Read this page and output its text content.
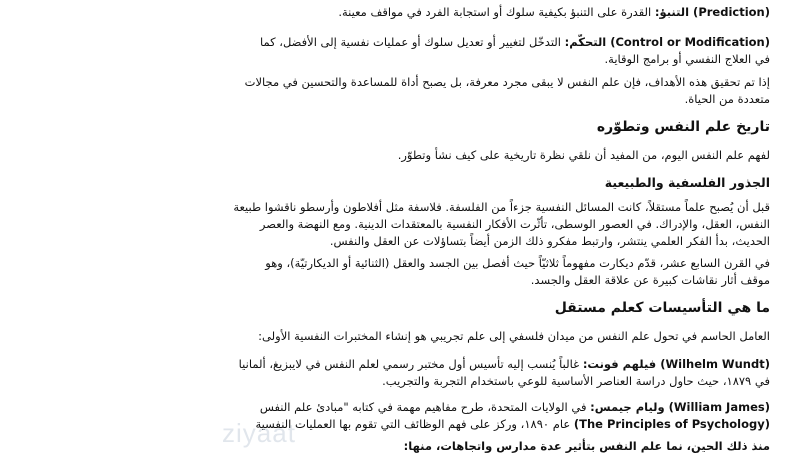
(Prediction) التنبؤ: القدرة على التنبؤ بكيفية سلوك أو استجابة الفرد في مواقف معينة.

(Control or Modification) التحكّم: التدخّل لتغيير أو تعديل سلوك أو عمليات نفسية إلى الأفضل، كما
في العلاج النفسي أو برامج الوقاية.

إذا تم تحقيق هذه الأهداف، فإن علم النفس لا يبقى مجرد معرفة، بل يصبح أداة للمساعدة والتحسين في مجالات
متعددة من الحياة.

تاريخ علم النفس وتطوّره

لفهم علم النفس اليوم، من المفيد أن نلقي نظرة تاريخية على كيف نشأ وتطوّر.

الجذور الفلسفية والطبيعية

قبل أن يُصبح علماً مستقلاً، كانت المسائل النفسية جزءاً من الفلسفة. فلاسفة مثل أفلاطون وأرسطو ناقشوا طبيعة
النفس، العقل، والإدراك. في العصور الوسطى، تأثّرت الأفكار النفسية بالمعتقدات الدينية. ومع النهضة والعصر
الحديث، بدأ الفكر العلمي ينتشر، وارتبط مفكرو ذلك الزمن أيضاً بتساؤلات عن العقل والنفس.

في القرن السابع عشر، قدّم ديكارت مفهوماً ثلاثيّاً حيث أفصل بين الجسد والعقل (الثنائية أو الديكارتيّة)، وهو
موقف أثار نقاشات كبيرة عن علاقة العقل والجسد.

ما هي التأسيسات كعلم مستقل

العامل الحاسم في تحول علم النفس من ميدان فلسفي إلى علم تجريبي هو إنشاء المختبرات النفسية الأولى:

(Wilhelm Wundt) فيلهم فونت: غالباً يُنسب إليه تأسيس أول مختبر رسمي لعلم النفس في لايبزيغ، ألمانيا
في ١٨٧٩، حيث حاول دراسة العناصر الأساسية للوعي باستخدام التجربة والتجريب.

(William James) وليام جيمس: في الولايات المتحدة، طرح مفاهيم مهمة في كتابه "مبادئ علم النفس
(The Principles of Psychology) عام ١٨٩٠، وركز على فهم الوظائف التي تقوم بها العمليات النفسية

منذ ذلك الحين، نما علم النفس بتأثير عدة مدارس واتجاهات، منها:

ziyaat
